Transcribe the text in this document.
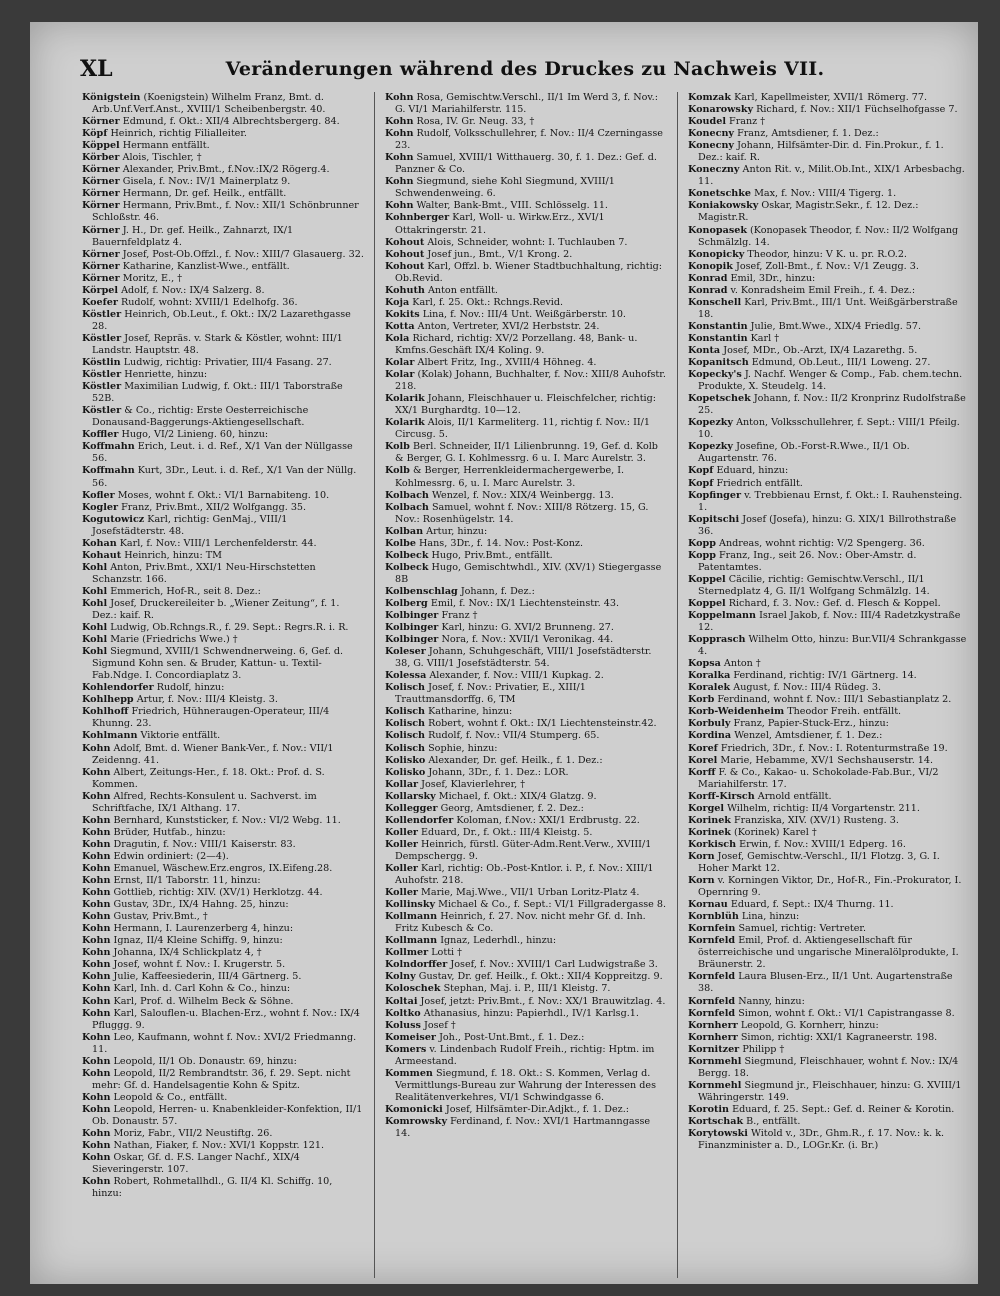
XL	Veränderungen während des Druckes zu Nachweis VII.
Königstein (Koenigstein) Wilhelm Franz, Bmt. d. Arb.Unf.Verf.Anst., XVIII/1 Scheibenbergstr. 40.
Körner Edmund, f. Okt.: XII/4 Albrechtsbergerg. 84.
Köpf Heinrich, richtig Filialleiter.
Köppel Hermann entfällt.
Körber Alois, Tischler, †
Körner Alexander, Priv.Bmt., f.Nov.:IX/2 Rögerg.4.
Körner Gisela, f. Nov.: IV/1 Mainerplatz 9.
Körner Hermann, Dr. gef. Heilk., entfällt.
Körner Hermann, Priv.Bmt., f. Nov.: XII/1 Schönbrunner Schloßstr. 46.
Körner J. H., Dr. gef. Heilk., Zahnarzt, IX/1 Bauernfeldplatz 4.
Körner Josef, Post-Ob.Offzl., f. Nov.: XIII/7 Glasauerg. 32.
Körner Katharine, Kanzlist-Wwe., entfällt.
Körner Moritz, E., †
Körpel Adolf, f. Nov.: IX/4 Salzerg. 8.
Koefer Rudolf, wohnt: XVIII/1 Edelhofg. 36.
Köstler Heinrich, Ob.Leut., f. Okt.: IX/2 Lazarethgasse 28.
Köstler Josef, Repräs. v. Stark & Köstler, wohnt: III/1 Landstr. Hauptstr. 48.
Köstlin Ludwig, richtig: Privatier, III/4 Fasang. 27.
Köstler Henriette, hinzu:
Köstler Maximilian Ludwig, f. Okt.: III/1 Taborstraße 52B.
Köstler & Co., richtig: Erste Oesterreichische Donausand-Baggerungs-Aktiengesellschaft.
Koffler Hugo, VI/2 Linieng. 60, hinzu:
Koffmahn Erich, Leut. i. d. Ref., X/1 Van der Nüllgasse 56.
Koffmahn Kurt, 3Dr., Leut. i. d. Ref., X/1 Van der Nüllg. 56.
Kofler Moses, wohnt f. Okt.: VI/1 Barnabiteng. 10.
Kogler Franz, Priv.Bmt., XII/2 Wolfgangg. 35.
Kogutowicz Karl, richtig: GenMaj., VIII/1 Josefstädterstr. 48.
Kohan Karl, f. Nov.: VIII/1 Lerchenfelderstr. 44.
Kohaut Heinrich, hinzu: TM
Kohl Anton, Priv.Bmt., XXI/1 Neu-Hirschstetten Schanzstr. 166.
Kohl Emmerich, Hof-R., seit 8. Dez.:
Kohl Josef, Druckereileiter b. „Wiener Zeitung“, f. 1. Dez.: kaif. R.
Kohl Ludwig, Ob.Rchngs.R., f. 29. Sept.: Regrs.R. i. R.
Kohl Marie (Friedrichs Wwe.) †
Kohl Siegmund, XVIII/1 Schwendnerweing. 6, Gef. d. Sigmund Kohn sen. & Bruder, Kattun- u. Textil-Fab.Ndge. I. Concordiaplatz 3.
Kohlendorfer Rudolf, hinzu:
Kohlhepp Artur, f. Nov.: III/4 Kleistg. 3.
Kohlhoff Friedrich, Hühneraugen-Operateur, III/4 Khunng. 23.
Kohlmann Viktorie entfällt.
Kohn Adolf, Bmt. d. Wiener Bank-Ver., f. Nov.: VII/1 Zeidenng. 41.
Kohn Albert, Zeitungs-Her., f. 18. Okt.: Prof. d. S. Kommen.
Kohn Alfred, Rechts-Konsulent u. Sachverst. im Schriftfache, IX/1 Althang. 17.
Kohn Bernhard, Kunststicker, f. Nov.: VI/2 Webg. 11.
Kohn Brüder, Hutfab., hinzu:
Kohn Dragutin, f. Nov.: VIII/1 Kaiserstr. 83.
Kohn Edwin ordiniert: (2—4).
Kohn Emanuel, Wäschew.Erz.engros, IX.Eifeng.28.
Kohn Ernst, II/1 Taborstr. 11, hinzu:
Kohn Gottlieb, richtig: XIV. (XV/1) Herklotzg. 44.
Kohn Gustav, 3Dr., IX/4 Hahng. 25, hinzu:
Kohn Gustav, Priv.Bmt., †
Kohn Hermann, I. Laurenzerberg 4, hinzu:
Kohn Ignaz, II/4 Kleine Schiffg. 9, hinzu:
Kohn Johanna, IX/4 Schlickplatz 4, †
Kohn Josef, wohnt f. Nov.: I. Krugerstr. 5.
Kohn Julie, Kaffeesiederin, III/4 Gärtnerg. 5.
Kohn Karl, Inh. d. Carl Kohn & Co., hinzu:
Kohn Karl, Prof. d. Wilhelm Beck & Söhne.
Kohn Karl, Salouflen-u. Blachen-Erz., wohnt f. Nov.: IX/4 Pfluggg. 9.
Kohn Leo, Kaufmann, wohnt f. Nov.: XVI/2 Friedmanng. 11.
Kohn Leopold, II/1 Ob. Donaustr. 69, hinzu:
Kohn Leopold, II/2 Rembrandtstr. 36, f. 29. Sept. nicht mehr: Gf. d. Handelsagentie Kohn & Spitz.
Kohn Leopold & Co., entfällt.
Kohn Leopold, Herren- u. Knabenkleider-Konfektion, II/1 Ob. Donaustr. 57.
Kohn Moriz, Fabr., VII/2 Neustiftg. 26.
Kohn Nathan, Fiaker, f. Nov.: XVI/1 Koppstr. 121.
Kohn Oskar, Gf. d. F.S. Langer Nachf., XIX/4 Sieveringerstr. 107.
Kohn Robert, Rohmetallhdl., G. II/4 Kl. Schiffg. 10, hinzu:
Kohn Rosa, Gemischtw.Verschl., II/1 Im Werd 3, f. Nov.: G. VI/1 Mariahilferstr. 115.
Kohn Rosa, IV. Gr. Neug. 33, †
Kohn Rudolf, Volksschullehrer, f. Nov.: II/4 Czerningasse 23.
Kohn Samuel, XVIII/1 Witthauerg. 30, f. 1. Dez.: Gef. d. Panzner & Co.
Kohn Siegmund, siehe Kohl Siegmund, XVIII/1 Schwendenweing. 6.
Kohn Walter, Bank-Bmt., VIII. Schlösselg. 11.
Kohnberger Karl, Woll- u. Wirkw.Erz., XVI/1 Ottakringerstr. 21.
Kohout Alois, Schneider, wohnt: I. Tuchlauben 7.
Kohout Josef jun., Bmt., V/1 Krong. 2.
Kohout Karl, Offzl. b. Wiener Stadtbuchhaltung, richtig: Ob.Revid.
Kohuth Anton entfällt.
Koja Karl, f. 25. Okt.: Rchngs.Revid.
Kokits Lina, f. Nov.: III/4 Unt. Weißgärberstr. 10.
Kotta Anton, Vertreter, XVI/2 Herbststr. 24.
Kola Richard, richtig: XV/2 Porzellang. 48, Bank- u. Kmfns.Geschäft IX/4 Koling. 9.
Kolar Albert Fritz, Ing., XVIII/4 Höhneg. 4.
Kolar (Kolak) Johann, Buchhalter, f. Nov.: XIII/8 Auhofstr. 218.
Kolarik Johann, Fleischhauer u. Fleischfelcher, richtig: XX/1 Burghardtg. 10—12.
Kolarik Alois, II/1 Karmeliterg. 11, richtig f. Nov.: II/1 Circusg. 5.
Kolb Berl. Schneider, II/1 Lilienbrunng. 19, Gef. d. Kolb & Berger, G. I. Kohlmessrg. 6 u. I. Marc Aurelstr. 3.
Kolb & Berger, Herrenkleidermachergewerbe, I. Kohlmessrg. 6, u. I. Marc Aurelstr. 3.
Kolbach Wenzel, f. Nov.: XIX/4 Weinbergg. 13.
Kolbach Samuel, wohnt f. Nov.: XIII/8 Rötzerg. 15, G. Nov.: Rosenhügelstr. 14.
Kolban Artur, hinzu:
Kolbe Hans, 3Dr., f. 14. Nov.: Post-Konz.
Kolbeck Hugo, Priv.Bmt., entfällt.
Kolbeck Hugo, Gemischtwhdl., XIV. (XV/1) Stiegergasse 8B
Kolbenschlag Johann, f. Dez.:
Kolberg Emil, f. Nov.: IX/1 Liechtensteinstr. 43.
Kolbinger Franz †
Kolbinger Karl, hinzu: G. XVI/2 Brunneng. 27.
Kolbinger Nora, f. Nov.: XVII/1 Veronikag. 44.
Koleser Johann, Schuhgeschäft, VIII/1 Josefstädterstr. 38, G. VIII/1 Josefstädterstr. 54.
Kolessa Alexander, f. Nov.: VIII/1 Kupkag. 2.
Kolisch Josef, f. Nov.: Privatier, E., XIII/1 Trauttmansdorffg. 6, TM
Kolisch Katharine, hinzu:
Kolisch Robert, wohnt f. Okt.: IX/1 Liechtensteinstr.42.
Kolisch Rudolf, f. Nov.: VII/4 Stumperg. 65.
Kolisch Sophie, hinzu:
Kolisko Alexander, Dr. gef. Heilk., f. 1. Dez.:
Kolisko Johann, 3Dr., f. 1. Dez.: LOR.
Kollar Josef, Klavierlehrer, †
Kollarsky Michael, f. Okt.: XIX/4 Glatzg. 9.
Kollegger Georg, Amtsdiener, f. 2. Dez.:
Kollendorfer Koloman, f.Nov.: XXI/1 Erdbrustg. 22.
Koller Eduard, Dr., f. Okt.: III/4 Kleistg. 5.
Koller Heinrich, fürstl. Güter-Adm.Rent.Verw., XVIII/1 Dempschergg. 9.
Koller Karl, richtig: Ob.-Post-Kntlor. i. P., f. Nov.: XIII/1 Auhofstr. 218.
Koller Marie, Maj.Wwe., VII/1 Urban Loritz-Platz 4.
Kollinsky Michael & Co., f. Sept.: VI/1 Fillgradergasse 8.
Kollmann Heinrich, f. 27. Nov. nicht mehr Gf. d. Inh. Fritz Kubesch & Co.
Kollmann Ignaz, Lederhdl., hinzu:
Kollmer Lotti †
Kolndorffer Josef, f. Nov.: XVIII/1 Carl Ludwigstraße 3.
Kolny Gustav, Dr. gef. Heilk., f. Okt.: XII/4 Koppreitzg. 9.
Koloschek Stephan, Maj. i. P., III/1 Kleistg. 7.
Koltai Josef, jetzt: Priv.Bmt., f. Nov.: XX/1 Brauwitzlag. 4.
Koltko Athanasius, hinzu: Papierhdl., IV/1 Karlsg.1.
Koluss Josef †
Komeiser Joh., Post-Unt.Bmt., f. 1. Dez.:
Komers v. Lindenbach Rudolf Freih., richtig: Hptm. im Armeestand.
Kommen Siegmund, f. 18. Okt.: S. Kommen, Verlag d. Vermittlungs-Bureau zur Wahrung der Interessen des Realitätenverkehres, VI/1 Schwindgasse 6.
Komonicki Josef, Hilfsämter-Dir.Adjkt., f. 1. Dez.:
Komrowsky Ferdinand, f. Nov.: XVI/1 Hartmanngasse 14.
Komzak Karl, Kapellmeister, XVII/1 Römerg. 77.
Konarowsky Richard, f. Nov.: XII/1 Füchselhofgasse 7.
Koudel Franz †
Konecny Franz, Amtsdiener, f. 1. Dez.:
Konecny Johann, Hilfsämter-Dir. d. Fin.Prokur., f. 1. Dez.: kaif. R.
Koneczny Anton Rit. v., Milit.Ob.Int., XIX/1 Arbesbachg. 11.
Konetschke Max, f. Nov.: VIII/4 Tigerg. 1.
Koniakowsky Oskar, Magistr.Sekr., f. 12. Dez.: Magistr.R.
Konopasek (Konopasek Theodor, f. Nov.: II/2 Wolfgang Schmälzlg. 14.
Konopicky Theodor, hinzu: V K. u. pr. R.O.2.
Konopik Josef, Zoll-Bmt., f. Nov.: V/1 Zeugg. 3.
Konrad Emil, 3Dr., hinzu:
Konrad v. Konradsheim Emil Freih., f. 4. Dez.:
Konschell Karl, Priv.Bmt., III/1 Unt. Weißgärberstraße 18.
Konstantin Julie, Bmt.Wwe., XIX/4 Friedlg. 57.
Konstantin Karl †
Konta Josef, MDr., Ob.-Arzt, IX/4 Lazarethg. 5.
Kopanitsch Edmund, Ob.Leut., III/1 Loweng. 27.
Kopecky's J. Nachf. Wenger & Comp., Fab. chem.techn. Produkte, X. Steudelg. 14.
Kopetschek Johann, f. Nov.: II/2 Kronprinz Rudolfstraße 25.
Kopezky Anton, Volksschullehrer, f. Sept.: VIII/1 Pfeilg. 10.
Kopezky Josefine, Ob.-Forst-R.Wwe., II/1 Ob. Augartenstr. 76.
Kopf Eduard, hinzu:
Kopf Friedrich entfällt.
Kopfinger v. Trebbienau Ernst, f. Okt.: I. Rauhensteing. 1.
Kopitschi Josef (Josefa), hinzu: G. XIX/1 Billrothstraße 36.
Kopp Andreas, wohnt richtig: V/2 Spengerg. 36.
Kopp Franz, Ing., seit 26. Nov.: Ober-Amstr. d. Patentamtes.
Koppel Cäcilie, richtig: Gemischtw.Verschl., II/1 Sternedplatz 4, G. II/1 Wolfgang Schmälzlg. 14.
Koppel Richard, f. 3. Nov.: Gef. d. Flesch & Koppel.
Koppelmann Israel Jakob, f. Nov.: III/4 Radetzkystraße 12.
Kopprasch Wilhelm Otto, hinzu: Bur.VII/4 Schrankgasse 4.
Kopsa Anton †
Koralka Ferdinand, richtig: IV/1 Gärtnerg. 14.
Koralek August, f. Nov.: III/4 Rüdeg. 3.
Korb Ferdinand, wohnt f. Nov.: III/1 Sebastianplatz 2.
Korb-Weidenheim Theodor Freih. entfällt.
Korbuly Franz, Papier-Stuck-Erz., hinzu:
Kordina Wenzel, Amtsdiener, f. 1. Dez.:
Koref Friedrich, 3Dr., f. Nov.: I. Rotenturmstraße 19.
Korel Marie, Hebamme, XV/1 Sechshauserstr. 14.
Korff F. & Co., Kakao- u. Schokolade-Fab.Bur., VI/2 Mariahilferstr. 17.
Korff-Kirsch Arnold entfällt.
Korgel Wilhelm, richtig: II/4 Vorgartenstr. 211.
Korinek Franziska, XIV. (XV/1) Rusteng. 3.
Korinek (Korinek) Karel †
Korkisch Erwin, f. Nov.: XVIII/1 Edperg. 16.
Korn Josef, Gemischtw.-Verschl., II/1 Flotzg. 3, G. I. Hoher Markt 12.
Korn v. Korningen Viktor, Dr., Hof-R., Fin.-Prokurator, I. Opernring 9.
Kornau Eduard, f. Sept.: IX/4 Thurng. 11.
Kornblüh Lina, hinzu:
Kornfein Samuel, richtig: Vertreter.
Kornfeld Emil, Prof. d. Aktiengesellschaft für österreichische und ungarische Mineralölprodukte, I. Bräunerstr. 2.
Kornfeld Laura Blusen-Erz., II/1 Unt. Augartenstraße 38.
Kornfeld Nanny, hinzu:
Kornfeld Simon, wohnt f. Okt.: VI/1 Capistrangasse 8.
Kornherr Leopold, G. Kornherr, hinzu:
Kornherr Simon, richtig: XXI/1 Kagraneerstr. 198.
Kornitzer Philipp †
Kornmehl Siegmund, Fleischhauer, wohnt f. Nov.: IX/4 Bergg. 18.
Kornmehl Siegmund jr., Fleischhauer, hinzu: G. XVIII/1 Währingerstr. 149.
Korotin Eduard, f. 25. Sept.: Gef. d. Reiner & Korotin.
Kortschak B., entfällt.
Korytowski Witold v., 3Dr., Ghm.R., f. 17. Nov.: k. k. Finanzminister a. D., LOGr.Kr. (i. Br.)
